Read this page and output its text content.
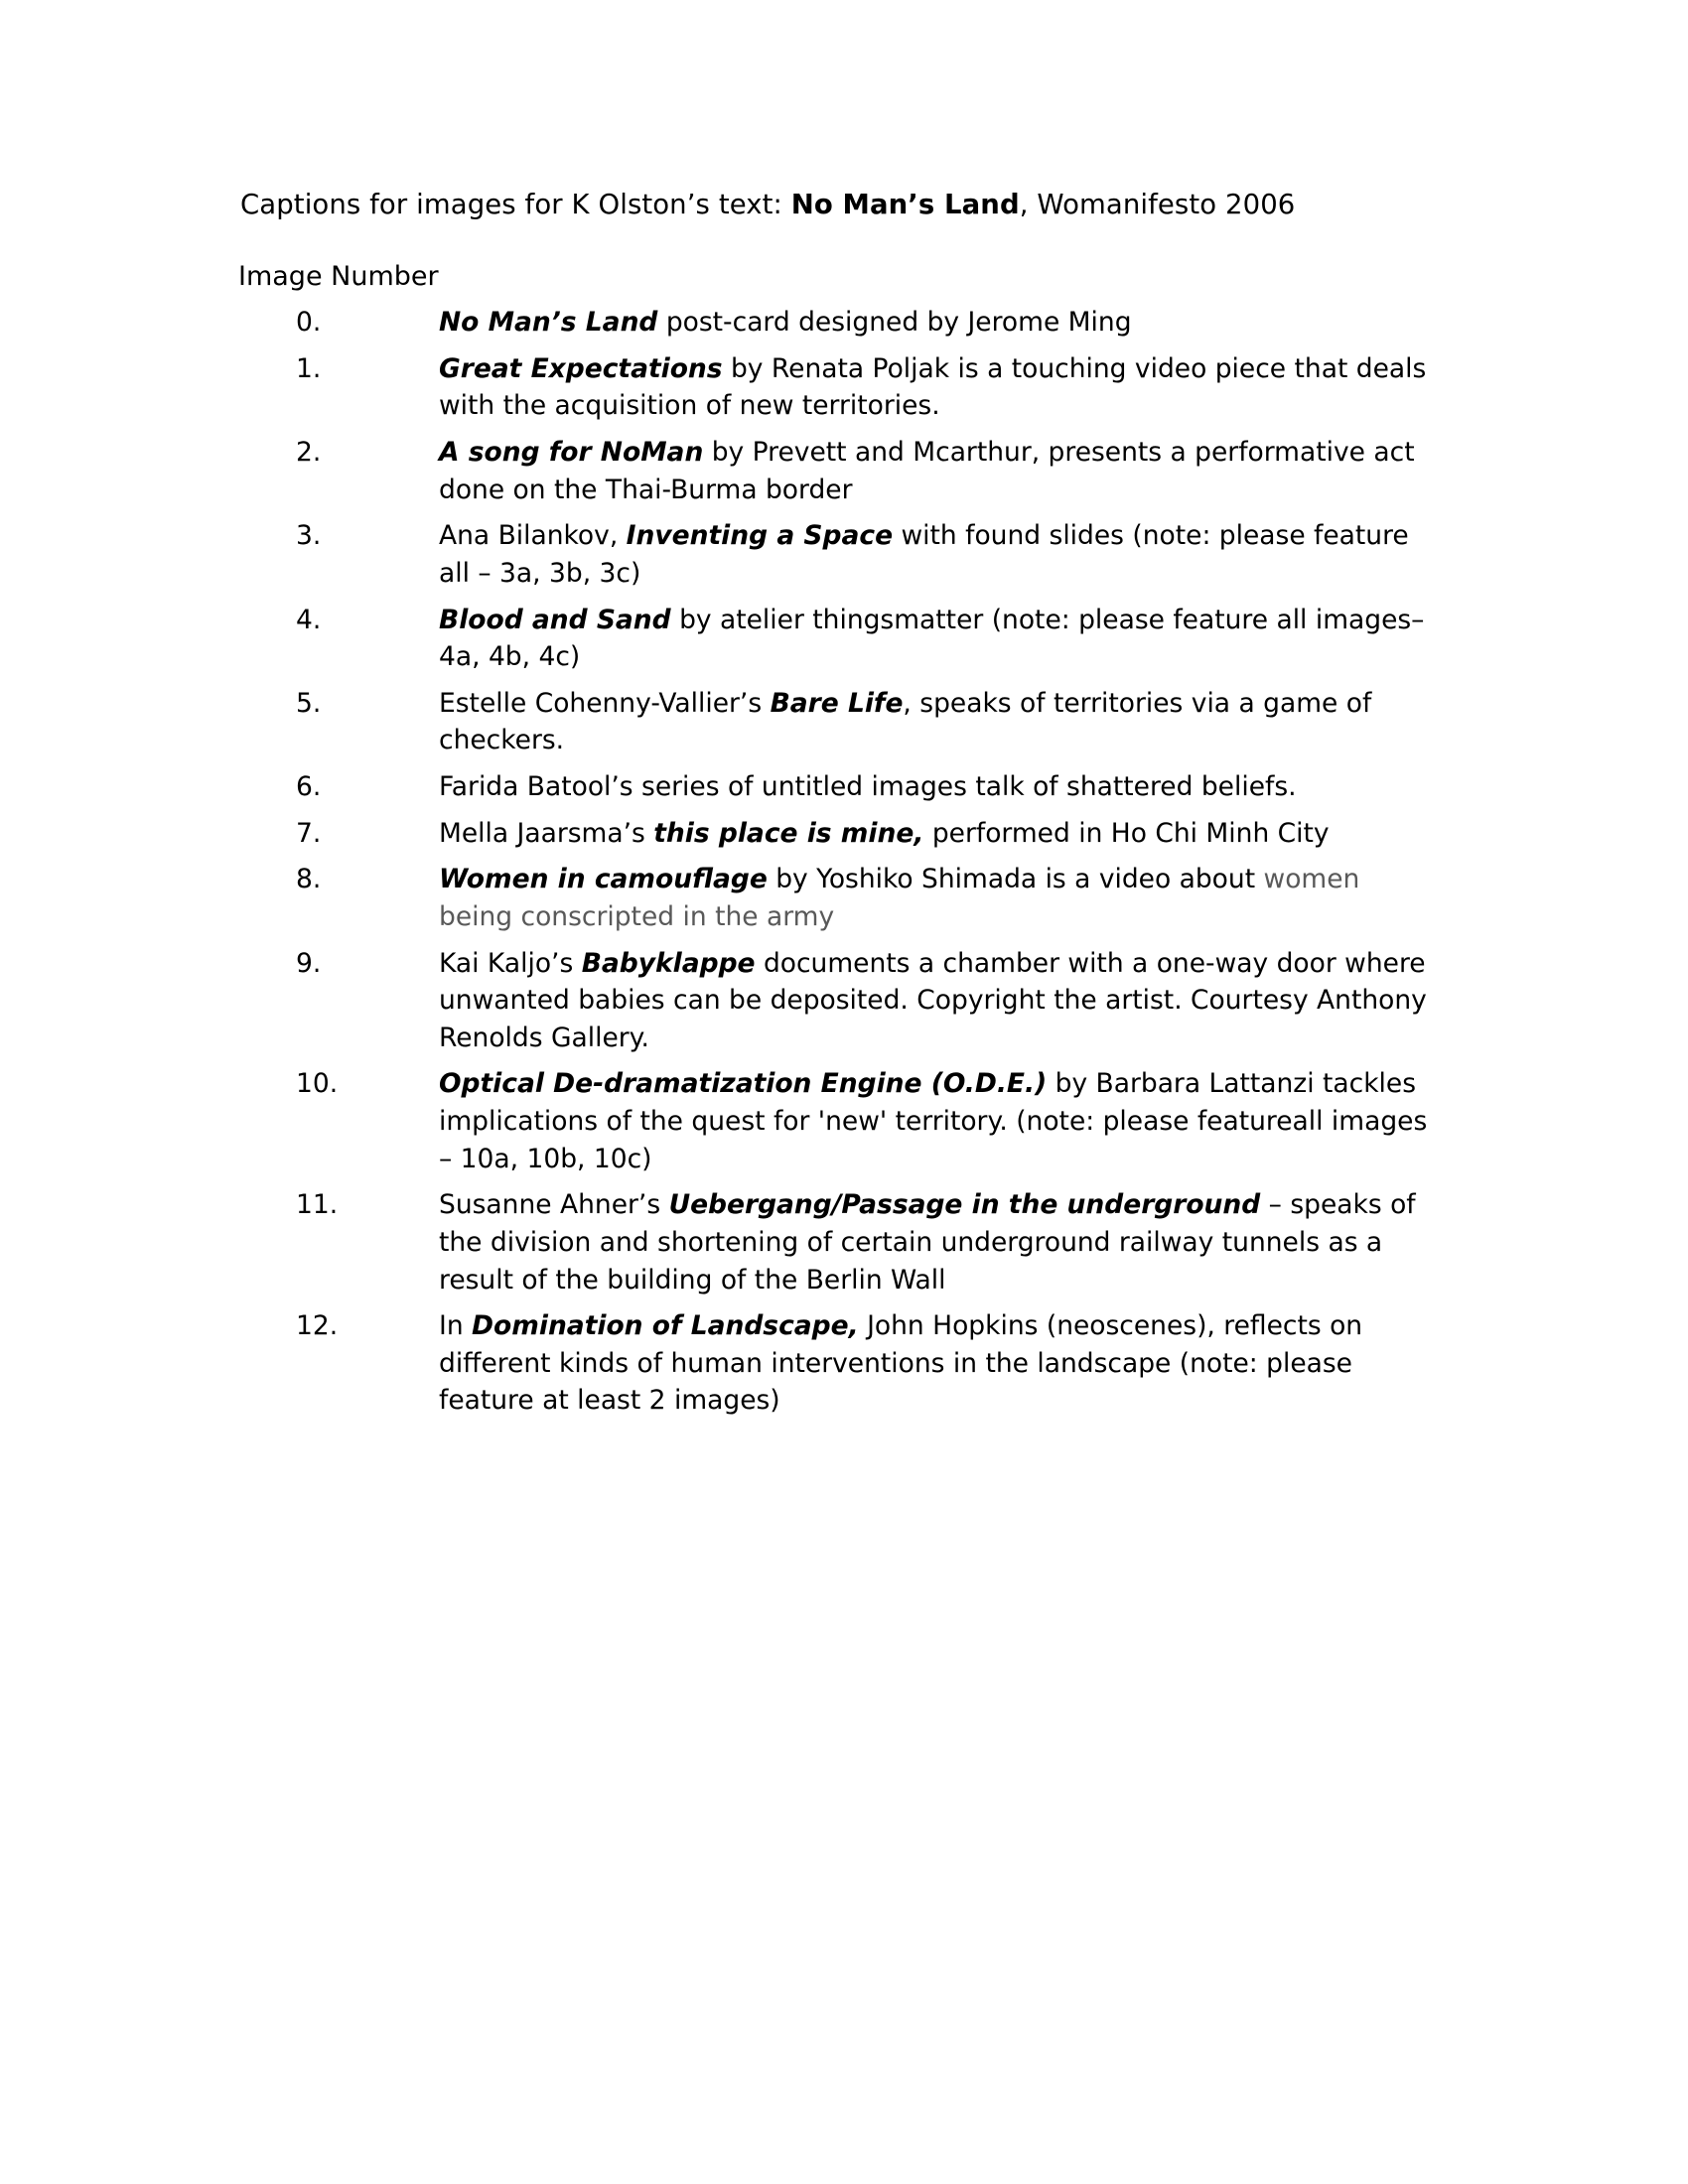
Captions for images for K Olston’s text: No Man’s Land, Womanifesto 2006
Image Number
0.	No Man’s Land post-card designed by Jerome Ming
1.	Great Expectations by Renata Poljak is a touching video piece that deals with the acquisition of new territories.
2.	A song for NoMan by Prevett and Mcarthur, presents a performative act done on the Thai-Burma border
3.	Ana Bilankov, Inventing a Space with found slides (note: please feature all – 3a, 3b, 3c)
4.	Blood and Sand by atelier thingsmatter (note: please feature all images– 4a, 4b, 4c)
5.	Estelle Cohenny-Vallier’s Bare Life, speaks of territories via a game of checkers.
6.	Farida Batool’s series of untitled images talk of shattered beliefs.
7.	Mella Jaarsma’s this place is mine, performed in Ho Chi Minh City
8.	Women in camouflage by Yoshiko Shimada is a video about women being conscripted in the army
9.	Kai Kaljo’s Babyklappe documents a chamber with a one-way door where unwanted babies can be deposited. Copyright the artist. Courtesy Anthony Renolds Gallery.
10.	Optical De-dramatization Engine (O.D.E.) by Barbara Lattanzi tackles implications of the quest for 'new' territory. (note: please featureall images – 10a, 10b, 10c)
11.	Susanne Ahner’s Uebergang/Passage in the underground – speaks of the division and shortening of certain underground railway tunnels as a result of the building of the Berlin Wall
12.	In Domination of Landscape, John Hopkins (neoscenes), reflects on different kinds of human interventions in the landscape (note: please feature at least 2 images)
